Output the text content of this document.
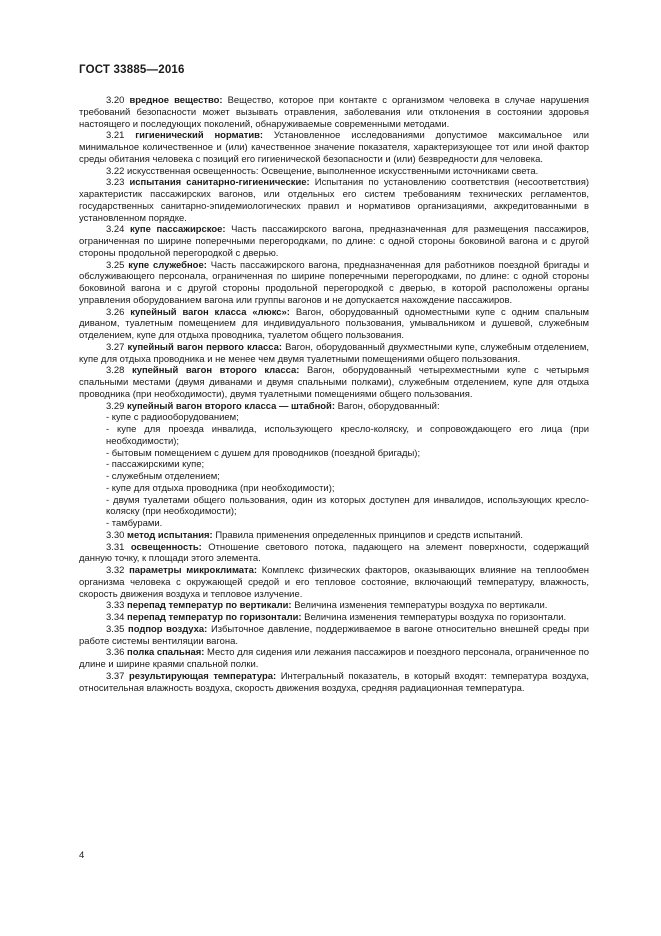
ГОСТ 33885—2016

3.20 вредное вещество: Вещество, которое при контакте с организмом человека в случае нарушения требований безопасности может вызывать отравления, заболевания или отклонения в состоянии здоровья настоящего и последующих поколений, обнаруживаемые современными методами.

3.21 гигиенический норматив: Установленное исследованиями допустимое максимальное или минимальное количественное и (или) качественное значение показателя, характеризующее тот или иной фактор среды обитания человека с позиций его гигиенической безопасности и (или) безвредности для человека.

3.22 искусственная освещенность: Освещение, выполненное искусственными источниками света.

3.23 испытания санитарно-гигиенические: Испытания по установлению соответствия (несоответствия) характеристик пассажирских вагонов, или отдельных его систем требованиям технических регламентов, государственных санитарно-эпидемиологических правил и нормативов организациями, аккредитованными в установленном порядке.

3.24 купе пассажирское: Часть пассажирского вагона, предназначенная для размещения пассажиров, ограниченная по ширине поперечными перегородками, по длине: с одной стороны боковиной вагона и с другой стороны продольной перегородкой с дверью.

3.25 купе служебное: Часть пассажирского вагона, предназначенная для работников поездной бригады и обслуживающего персонала, ограниченная по ширине поперечными перегородками, по длине: с одной стороны боковиной вагона и с другой стороны продольной перегородкой с дверью, в которой расположены органы управления оборудованием вагона или группы вагонов и не допускается нахождение пассажиров.

3.26 купейный вагон класса «люкс»: Вагон, оборудованный одноместными купе с одним спальным диваном, туалетным помещением для индивидуального пользования, умывальником и душевой, служебным отделением, купе для отдыха проводника, туалетом общего пользования.

3.27 купейный вагон первого класса: Вагон, оборудованный двухместными купе, служебным отделением, купе для отдыха проводника и не менее чем двумя туалетными помещениями общего пользования.

3.28 купейный вагон второго класса: Вагон, оборудованный четырехместными купе с четырьмя спальными местами (двумя диванами и двумя спальными полками), служебным отделением, купе для отдыха проводника (при необходимости), двумя туалетными помещениями общего пользования.

3.29 купейный вагон второго класса — штабной: Вагон, оборудованный:

- купе с радиооборудованием;

- купе для проезда инвалида, использующего кресло-коляску, и сопровождающего его лица (при необходимости);

- бытовым помещением с душем для проводников (поездной бригады);

- пассажирскими купе;

- служебным отделением;

- купе для отдыха проводника (при необходимости);

- двумя туалетами общего пользования, один из которых доступен для инвалидов, использующих кресло-коляску (при необходимости);

- тамбурами.

3.30 метод испытания: Правила применения определенных принципов и средств испытаний.

3.31 освещенность: Отношение светового потока, падающего на элемент поверхности, содержащий данную точку, к площади этого элемента.

3.32 параметры микроклимата: Комплекс физических факторов, оказывающих влияние на теплообмен организма человека с окружающей средой и его тепловое состояние, включающий температуру, влажность, скорость движения воздуха и тепловое излучение.

3.33 перепад температур по вертикали: Величина изменения температуры воздуха по вертикали.

3.34 перепад температур по горизонтали: Величина изменения температуры воздуха по горизонтали.

3.35 подпор воздуха: Избыточное давление, поддерживаемое в вагоне относительно внешней среды при работе системы вентиляции вагона.

3.36 полка спальная: Место для сидения или лежания пассажиров и поездного персонала, ограниченное по длине и ширине краями спальной полки.

3.37 результирующая температура: Интегральный показатель, в который входят: температура воздуха, относительная влажность воздуха, скорость движения воздуха, средняя радиационная температура.

4
